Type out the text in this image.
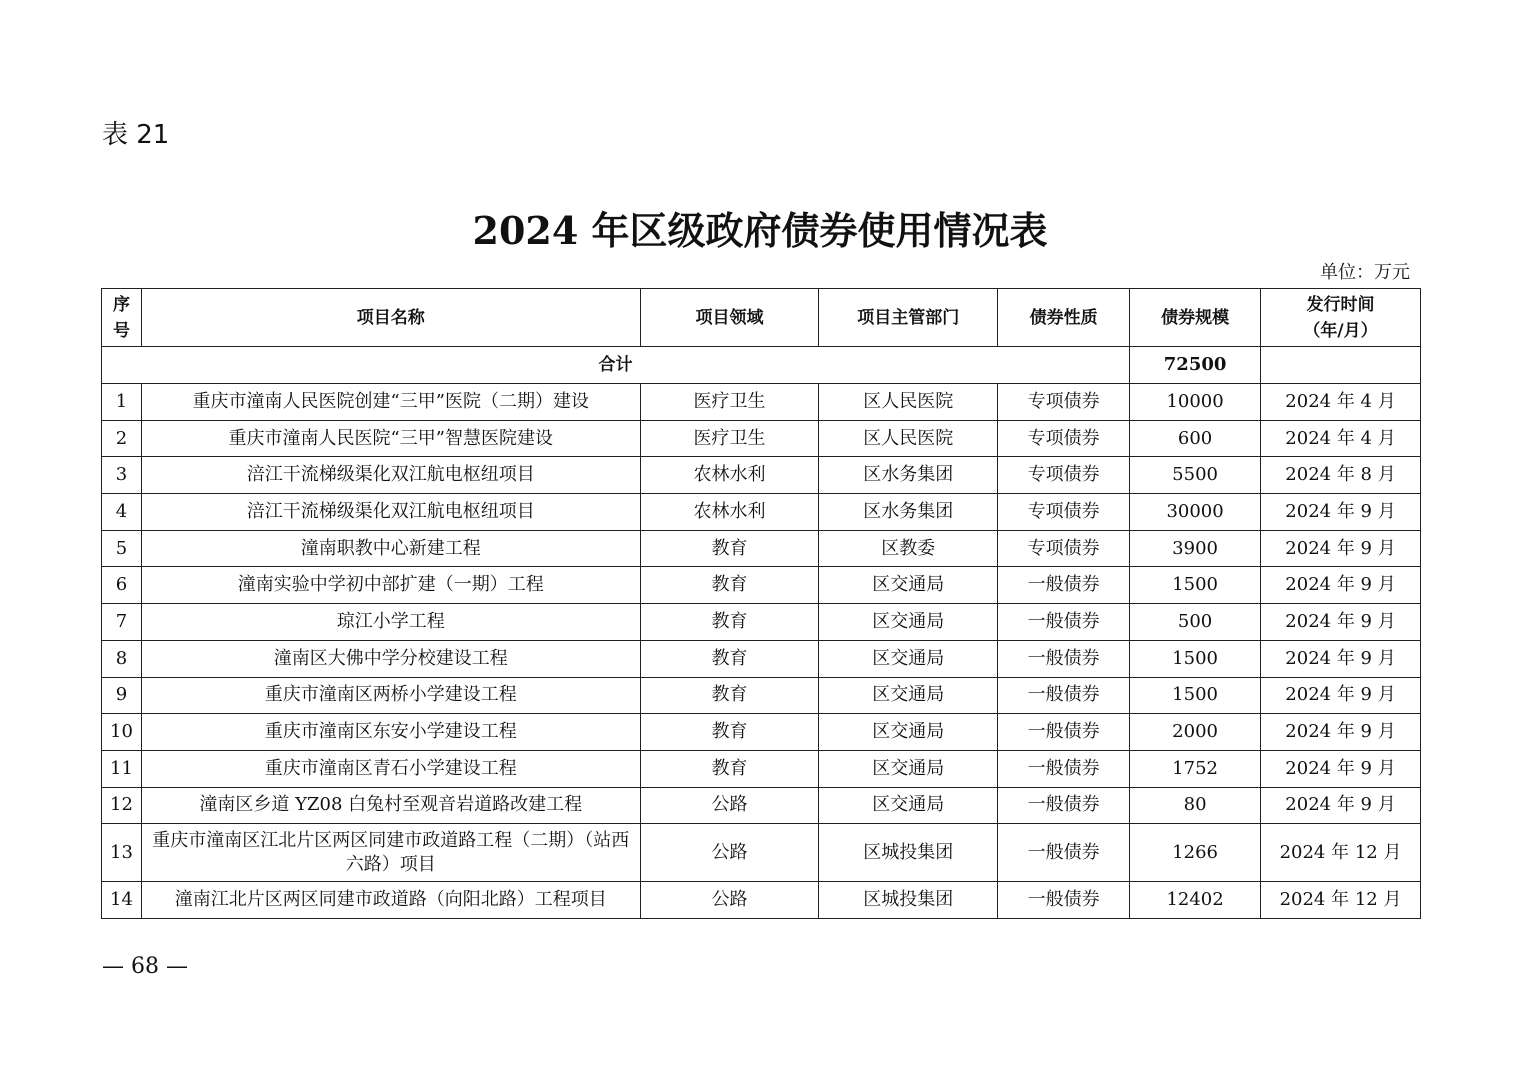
表 21
2024 年区级政府债券使用情况表
单位：万元
序号	项目名称	项目领域	项目主管部门	债券性质	债券规模	发行时间
（年/月）

合计					72500	
1	重庆市潼南人民医院创建“三甲”医院（二期）建设	医疗卫生	区人民医院	专项债券	10000	2024 年 4 月
2	重庆市潼南人民医院“三甲”智慧医院建设	医疗卫生	区人民医院	专项债券	600	2024 年 4 月
3	涪江干流梯级渠化双江航电枢纽项目	农林水利	区水务集团	专项债券	5500	2024 年 8 月
4	涪江干流梯级渠化双江航电枢纽项目	农林水利	区水务集团	专项债券	30000	2024 年 9 月
5	潼南职教中心新建工程	教育	区教委	专项债券	3900	2024 年 9 月
6	潼南实验中学初中部扩建（一期）工程	教育	区交通局	一般债券	1500	2024 年 9 月
7	琼江小学工程	教育	区交通局	一般债券	500	2024 年 9 月
8	潼南区大佛中学分校建设工程	教育	区交通局	一般债券	1500	2024 年 9 月
9	重庆市潼南区两桥小学建设工程	教育	区交通局	一般债券	1500	2024 年 9 月
10	重庆市潼南区东安小学建设工程	教育	区交通局	一般债券	2000	2024 年 9 月
11	重庆市潼南区青石小学建设工程	教育	区交通局	一般债券	1752	2024 年 9 月
12	潼南区乡道 YZ08 白兔村至观音岩道路改建工程	公路	区交通局	一般债券	80	2024 年 9 月
13	重庆市潼南区江北片区两区同建市政道路工程（二期）（站西六路）项目	公路	区城投集团	一般债券	1266	2024 年 12 月
14	潼南江北片区两区同建市政道路（向阳北路）工程项目	公路	区城投集团	一般债券	12402	2024 年 12 月
— 68 —
